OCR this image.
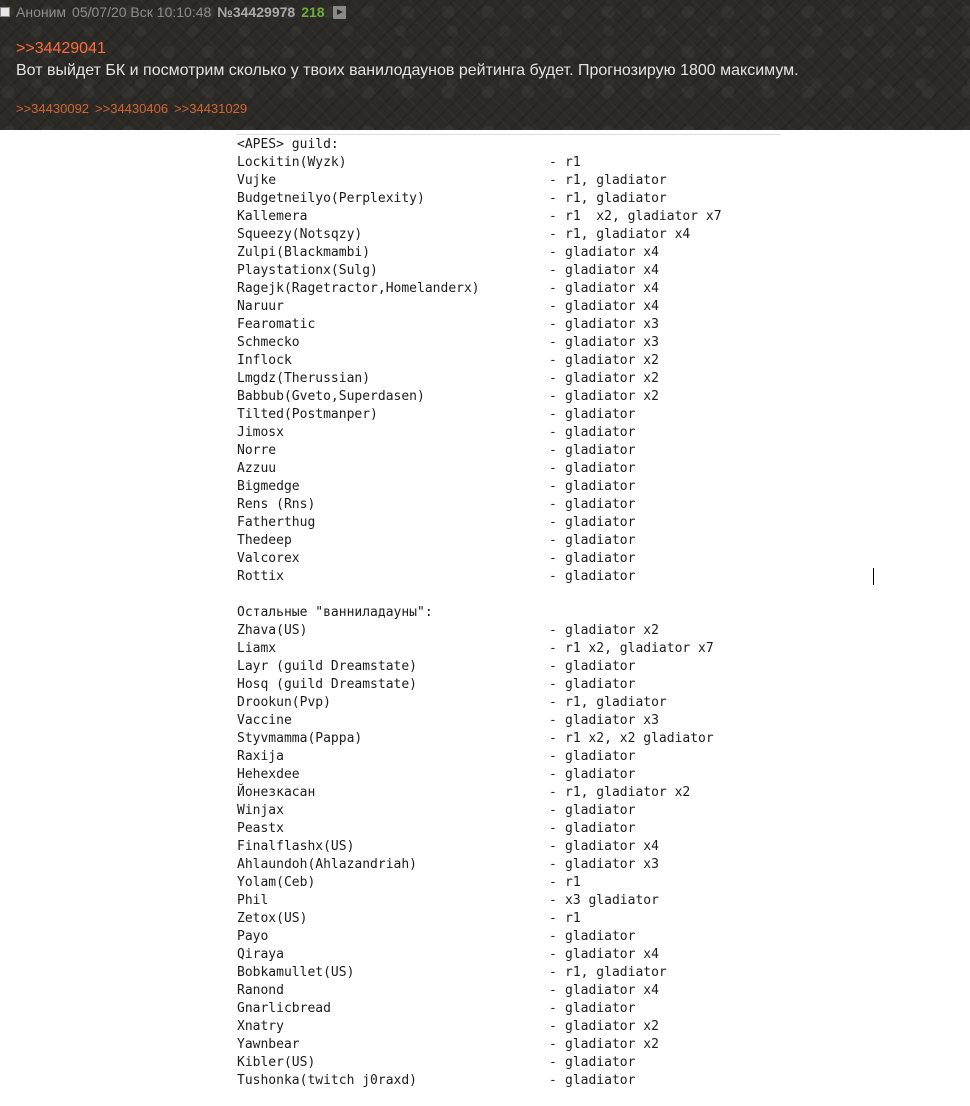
Аноним 05/07/20 Вск 10:10:48 №34429978 218
>>34429041
Вот выйдет БК и посмотрим сколько у твоих ванилодаунов рейтинга будет. Прогнозирую 1800 максимум.
>>34430092 >>34430406 >>34431029
<APES> guild:
Lockitin(Wyzk)	- r1
Vujke	- r1, gladiator
Budgetneilyo(Perplexity)	- r1, gladiator
Kallemera	- r1  x2, gladiator x7
Squeezy(Notsqzy)	- r1, gladiator x4
Zulpi(Blackmambi)	- gladiator x4
Playstationx(Sulg)	- gladiator x4
Ragejk(Ragetractor,Homelanderx)	- gladiator x4
Naruur	- gladiator x4
Fearomatic	- gladiator x3
Schmecko	- gladiator x3
Inflock	- gladiator x2
Lmgdz(Therussian)	- gladiator x2
Babbub(Gveto,Superdasen)	- gladiator x2
Tilted(Postmanper)	- gladiator
Jimosx	- gladiator
Norre	- gladiator
Azzuu	- gladiator
Bigmedge	- gladiator
Rens (Rns)	- gladiator
Fatherthug	- gladiator
Thedeep	- gladiator
Valcorex	- gladiator
Rottix	- gladiator
Остальные "ванниладауны":
Zhava(US)	- gladiator x2
Liamx	- r1 x2, gladiator x7
Layr (guild Dreamstate)	- gladiator
Hosq (guild Dreamstate)	- gladiator
Drookun(Pvp)	- r1, gladiator
Vaccine	- gladiator x3
Styvmamma(Pappa)	- r1 x2, x2 gladiator
Raxija	- gladiator
Hehexdee	- gladiator
Йонезкасан	- r1, gladiator x2
Winjax	- gladiator
Peastx	- gladiator
Finalflashx(US)	- gladiator x4
Ahlaundoh(Ahlazandriah)	- gladiator x3
Yolam(Ceb)	- r1
Phil	- x3 gladiator
Zetox(US)	- r1
Payo	- gladiator
Qiraya	- gladiator x4
Bobkamullet(US)	- r1, gladiator
Ranond	- gladiator x4
Gnarlicbread	- gladiator
Xnatry	- gladiator x2
Yawnbear	- gladiator x2
Kibler(US)	- gladiator
Tushonka(twitch j0raxd)	- gladiator
